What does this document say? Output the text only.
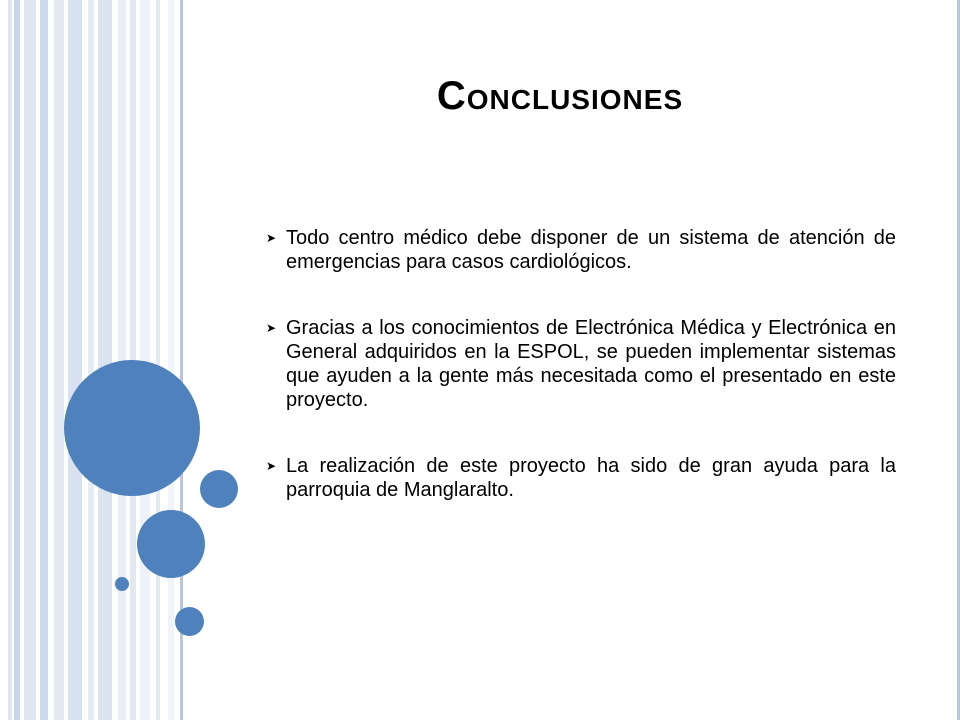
Conclusiones
➤ Todo centro médico debe disponer de un sistema de atención de emergencias para casos cardiológicos.
➤ Gracias a los conocimientos de Electrónica Médica y Electrónica en General adquiridos en la ESPOL, se pueden implementar sistemas que ayuden a la gente más necesitada como el presentado en este proyecto.
➤ La realización de este proyecto ha sido de gran ayuda para la parroquia de Manglaralto.
